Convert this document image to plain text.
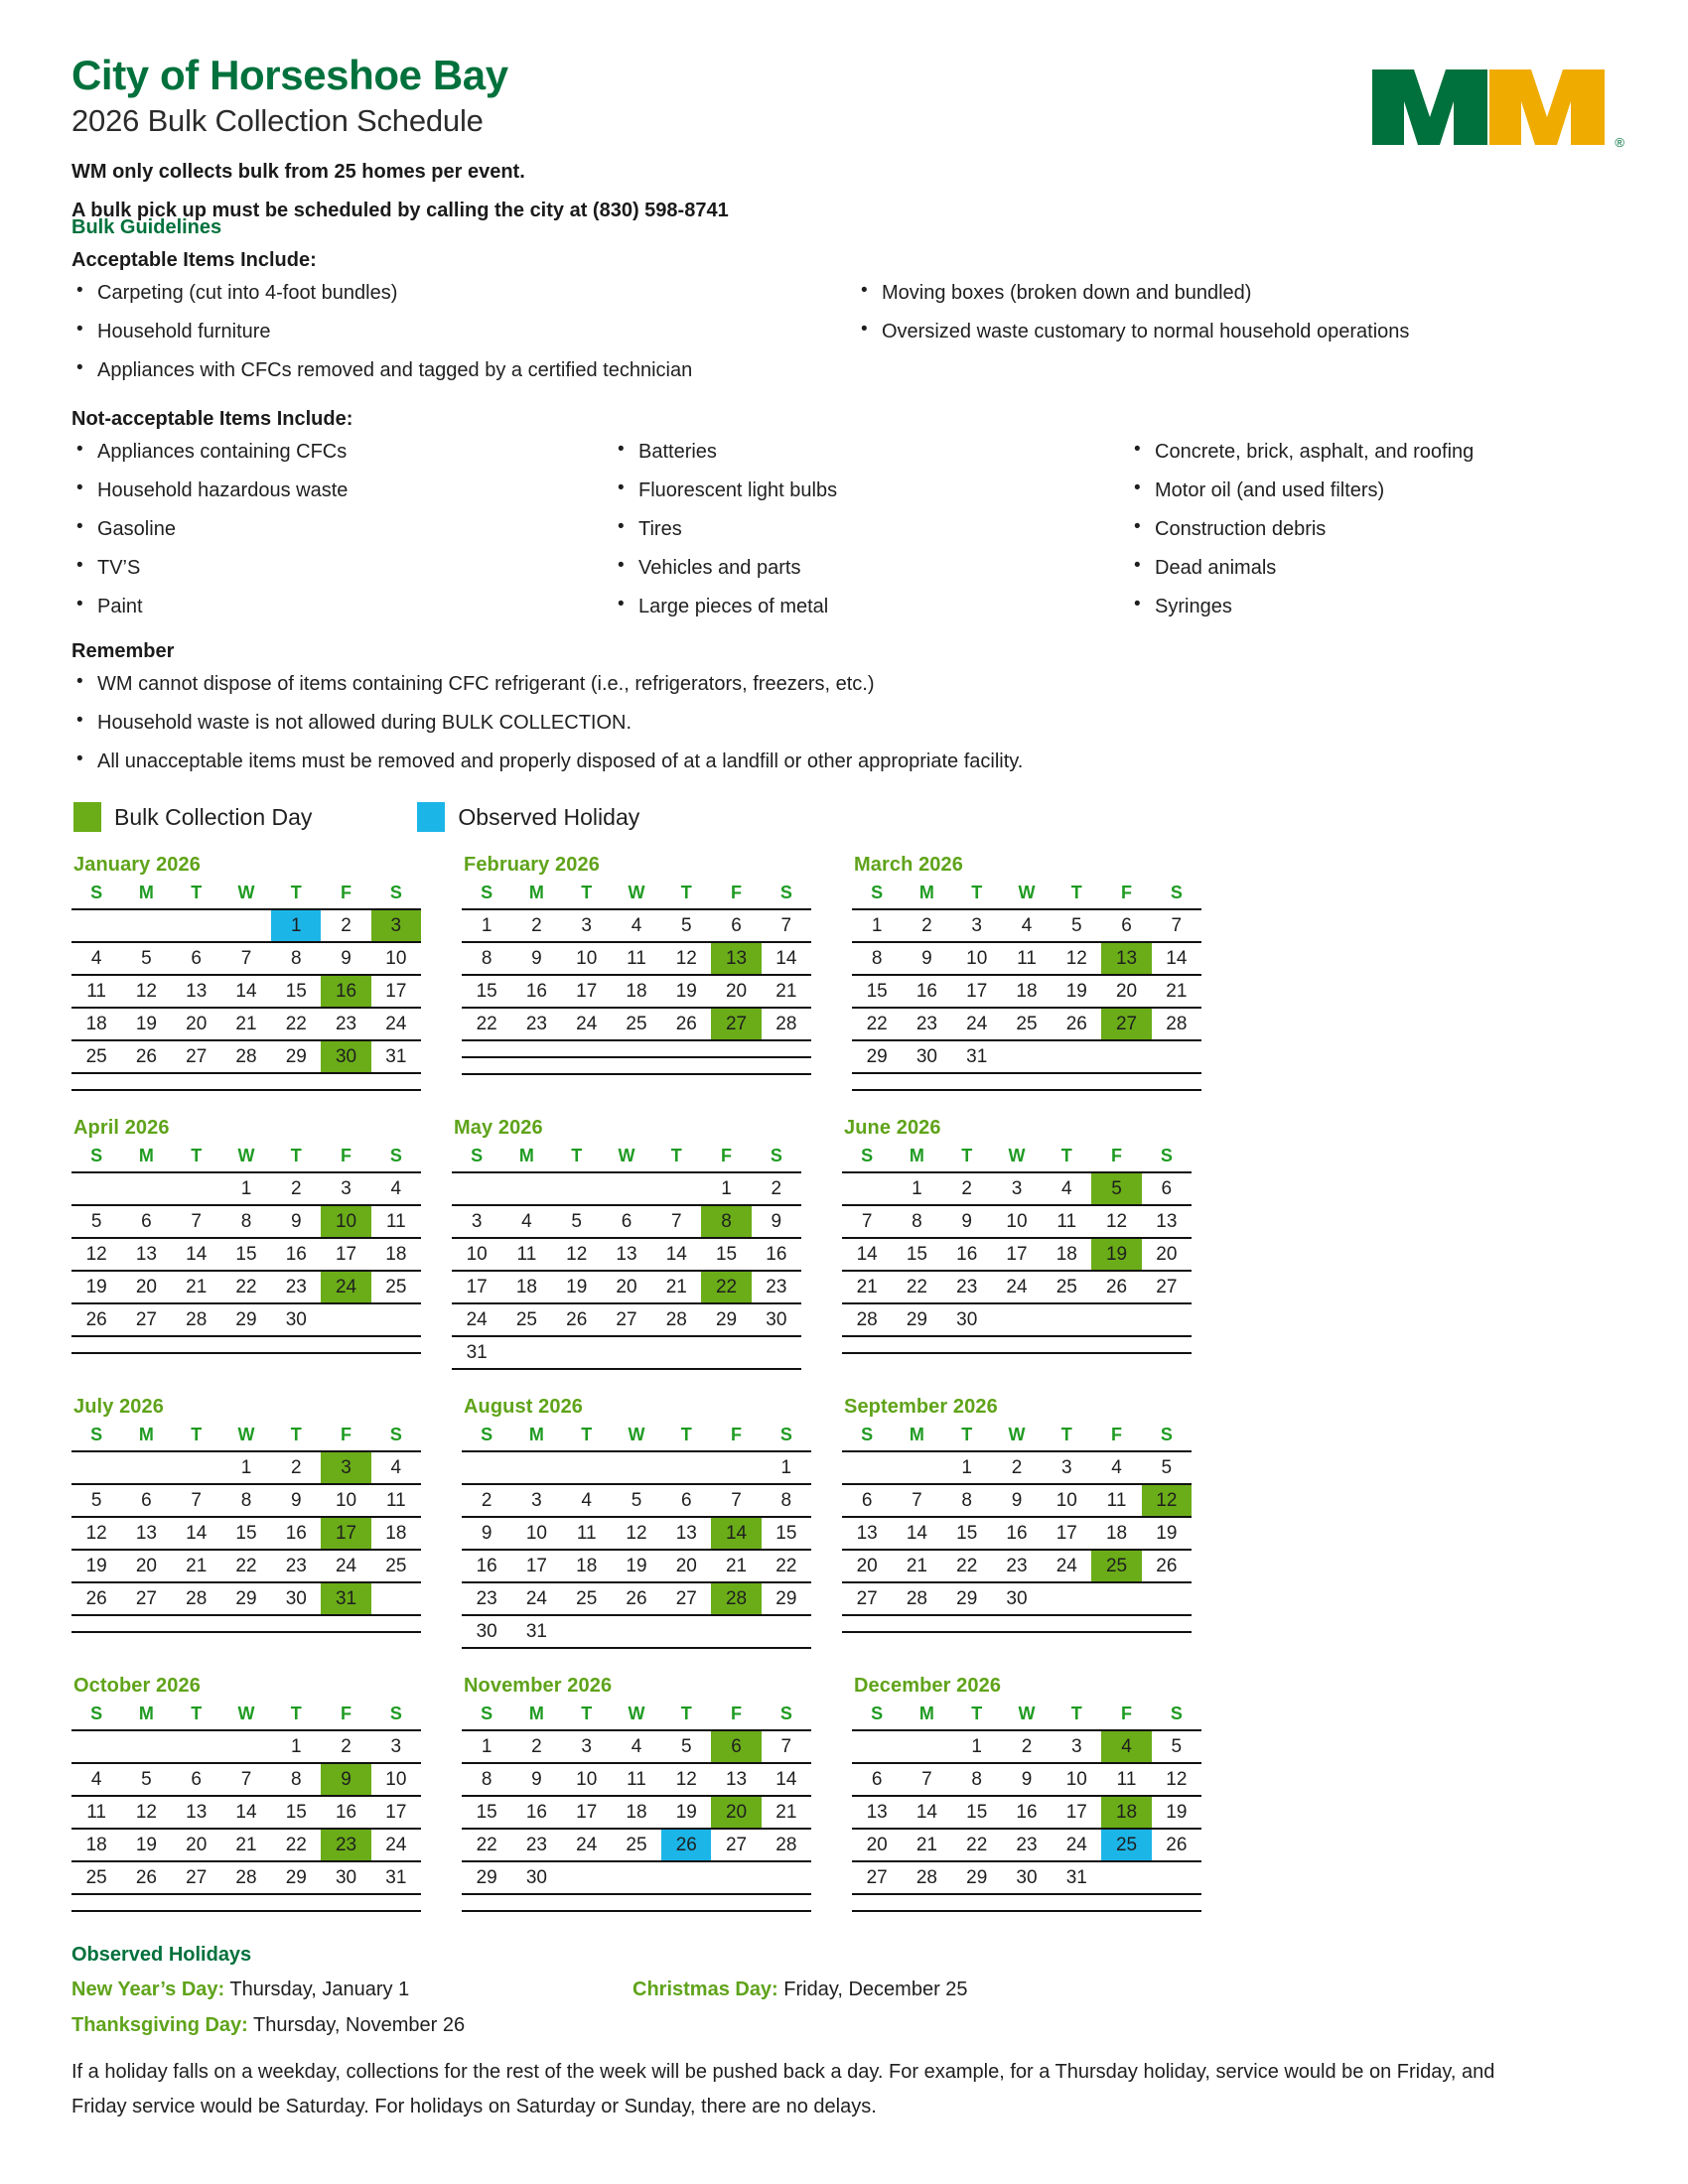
City of Horseshoe Bay
2026 Bulk Collection Schedule
®
WM only collects bulk from 25 homes per event.
A bulk pick up must be scheduled by calling the city at (830) 598-8741
Bulk Guidelines
Acceptable Items Include:
• Carpeting (cut into 4-foot bundles)
• Household furniture
• Appliances with CFCs removed and tagged by a certified technician
• Moving boxes (broken down and bundled)
• Oversized waste customary to normal household operations
Not-acceptable Items Include:
• Appliances containing CFCs
• Household hazardous waste
• Gasoline
• TV’S
• Paint
• Batteries
• Fluorescent light bulbs
• Tires
• Vehicles and parts
• Large pieces of metal
• Concrete, brick, asphalt, and roofing
• Motor oil (and used filters)
• Construction debris
• Dead animals
• Syringes
Remember
• WM cannot dispose of items containing CFC refrigerant (i.e., refrigerators, freezers, etc.)
• Household waste is not allowed during BULK COLLECTION.
• All unacceptable items must be removed and properly disposed of at a landfill or other appropriate facility.
Bulk Collection Day	Observed Holiday
January 2026
S	M	T	W	T	F	S
				1	2	3
4	5	6	7	8	9	10
11	12	13	14	15	16	17
18	19	20	21	22	23	24
25	26	27	28	29	30	31

February 2026
S	M	T	W	T	F	S
1	2	3	4	5	6	7
8	9	10	11	12	13	14
15	16	17	18	19	20	21
22	23	24	25	26	27	28

March 2026
S	M	T	W	T	F	S
1	2	3	4	5	6	7
8	9	10	11	12	13	14
15	16	17	18	19	20	21
22	23	24	25	26	27	28
29	30	31				

April 2026
S	M	T	W	T	F	S
			1	2	3	4
5	6	7	8	9	10	11
12	13	14	15	16	17	18
19	20	21	22	23	24	25
26	27	28	29	30		

May 2026
S	M	T	W	T	F	S
					1	2
3	4	5	6	7	8	9
10	11	12	13	14	15	16
17	18	19	20	21	22	23
24	25	26	27	28	29	30
31						

June 2026
S	M	T	W	T	F	S
	1	2	3	4	5	6
7	8	9	10	11	12	13
14	15	16	17	18	19	20
21	22	23	24	25	26	27
28	29	30				

July 2026
S	M	T	W	T	F	S
			1	2	3	4
5	6	7	8	9	10	11
12	13	14	15	16	17	18
19	20	21	22	23	24	25
26	27	28	29	30	31	

August 2026
S	M	T	W	T	F	S
						1
2	3	4	5	6	7	8
9	10	11	12	13	14	15
16	17	18	19	20	21	22
23	24	25	26	27	28	29
30	31					

September 2026
S	M	T	W	T	F	S
		1	2	3	4	5
6	7	8	9	10	11	12
13	14	15	16	17	18	19
20	21	22	23	24	25	26
27	28	29	30			

October 2026
S	M	T	W	T	F	S
				1	2	3
4	5	6	7	8	9	10
11	12	13	14	15	16	17
18	19	20	21	22	23	24
25	26	27	28	29	30	31

November 2026
S	M	T	W	T	F	S
1	2	3	4	5	6	7
8	9	10	11	12	13	14
15	16	17	18	19	20	21
22	23	24	25	26	27	28
29	30					

December 2026
S	M	T	W	T	F	S
		1	2	3	4	5
6	7	8	9	10	11	12
13	14	15	16	17	18	19
20	21	22	23	24	25	26
27	28	29	30	31		

Observed Holidays
New Year’s Day: Thursday, January 1	Christmas Day: Friday, December 25
Thanksgiving Day: Thursday, November 26
If a holiday falls on a weekday, collections for the rest of the week will be pushed back a day. For example, for a Thursday holiday, service would be on Friday, and Friday service would be Saturday. For holidays on Saturday or Sunday, there are no delays.
